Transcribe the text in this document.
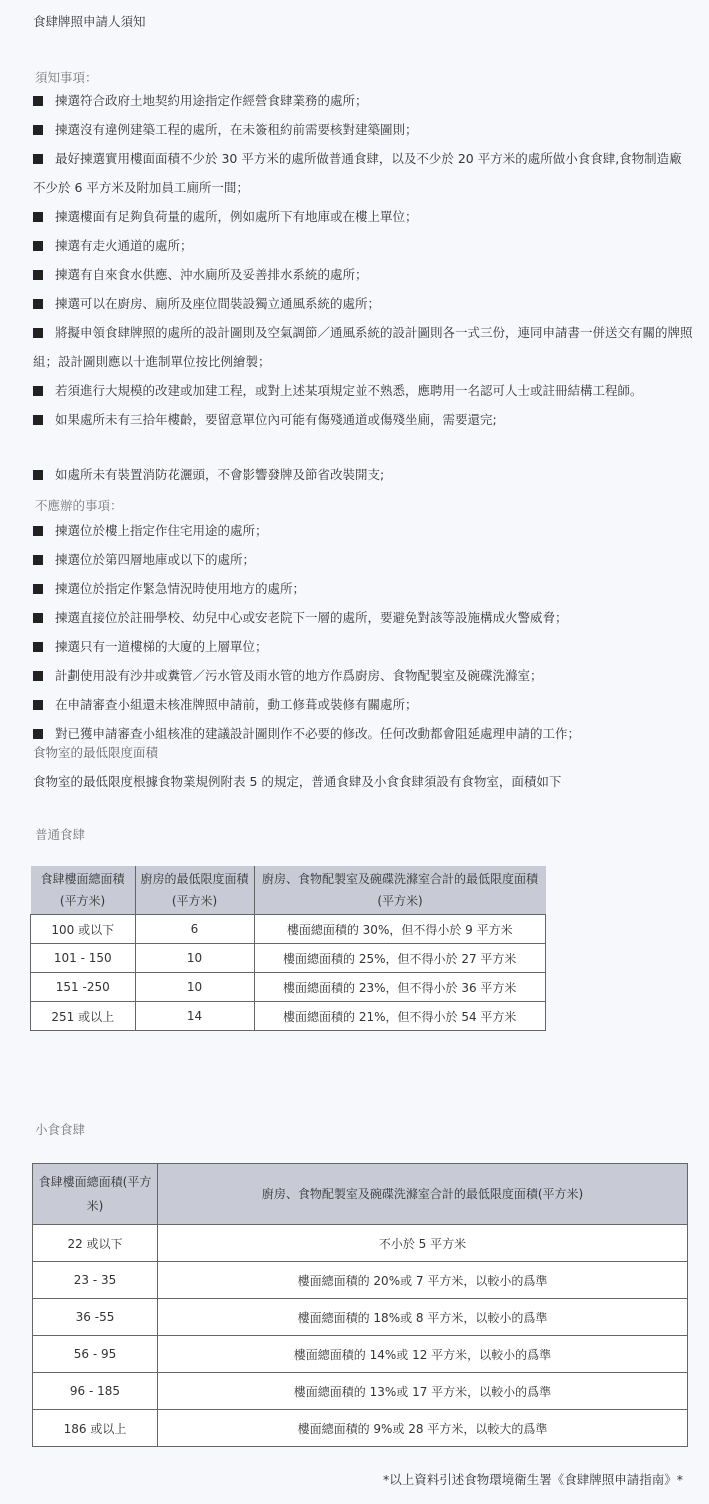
食肆牌照申請人須知
須知事項：
揀選符合政府土地契約用途指定作經營食肆業務的處所；
揀選沒有違例建築工程的處所，在未簽租約前需要核對建築圖則；
最好揀選實用樓面面積不少於 30 平方米的處所做普通食肆，以及不少於 20 平方米的處所做小食食肆,食物制造廠不少於 6 平方米及附加員工廁所一間；
揀選樓面有足夠負荷量的處所，例如處所下有地庫或在樓上單位；
揀選有走火通道的處所；
揀選有自來食水供應、沖水廁所及妥善排水系統的處所；
揀選可以在廚房、廁所及座位間裝設獨立通風系統的處所；
將擬申領食肆牌照的處所的設計圖則及空氣調節／通風系統的設計圖則各一式三份，連同申請書一併送交有關的牌照組；設計圖則應以十進制單位按比例繪製；
若須進行大規模的改建或加建工程，或對上述某項規定並不熟悉，應聘用一名認可人士或註冊結構工程師。
如果處所未有三拾年樓齡，要留意單位內可能有傷殘通道或傷殘坐廁，需要還完;
如處所未有裝置消防花灑頭，不會影響發牌及節省改裝開支;
不應辦的事項：
揀選位於樓上指定作住宅用途的處所；
揀選位於第四層地庫或以下的處所；
揀選位於指定作緊急情況時使用地方的處所；
揀選直接位於註冊學校、幼兒中心或安老院下一層的處所，要避免對該等設施構成火警威脅；
揀選只有一道樓梯的大廈的上層單位；
計劃使用設有沙井或糞管／污水管及雨水管的地方作爲廚房、食物配製室及碗碟洗滌室；
在申請審查小組還未核准牌照申請前，動工修葺或裝修有關處所；
對已獲申請審查小組核准的建議設計圖則作不必要的修改。任何改動都會阻延處理申請的工作；
食物室的最低限度面積
食物室的最低限度根據食物業規例附表 5 的規定，普通食肆及小食食肆須設有食物室，面積如下
普通食肆
食肆樓面總面積(平方米)	廚房的最低限度面積(平方米)	廚房、食物配製室及碗碟洗滌室合計的最低限度面積(平方米)
100 或以下	6	樓面總面積的 30%，但不得小於 9 平方米
101 - 150	10	樓面總面積的 25%，但不得小於 27 平方米
151 -250	10	樓面總面積的 23%，但不得小於 36 平方米
251 或以上	14	樓面總面積的 21%，但不得小於 54 平方米
小食食肆
食肆樓面總面積(平方米)	廚房、食物配製室及碗碟洗滌室合計的最低限度面積(平方米)
22 或以下	不小於 5 平方米
23 - 35	樓面總面積的 20%或 7 平方米，以較小的爲準
36 -55	樓面總面積的 18%或 8 平方米，以較小的爲準
56 - 95	樓面總面積的 14%或 12 平方米，以較小的爲準
96 - 185	樓面總面積的 13%或 17 平方米，以較小的爲準
186 或以上	樓面總面積的 9%或 28 平方米，以較大的爲準
*以上資料引述食物環境衛生署《食肆牌照申請指南》*
